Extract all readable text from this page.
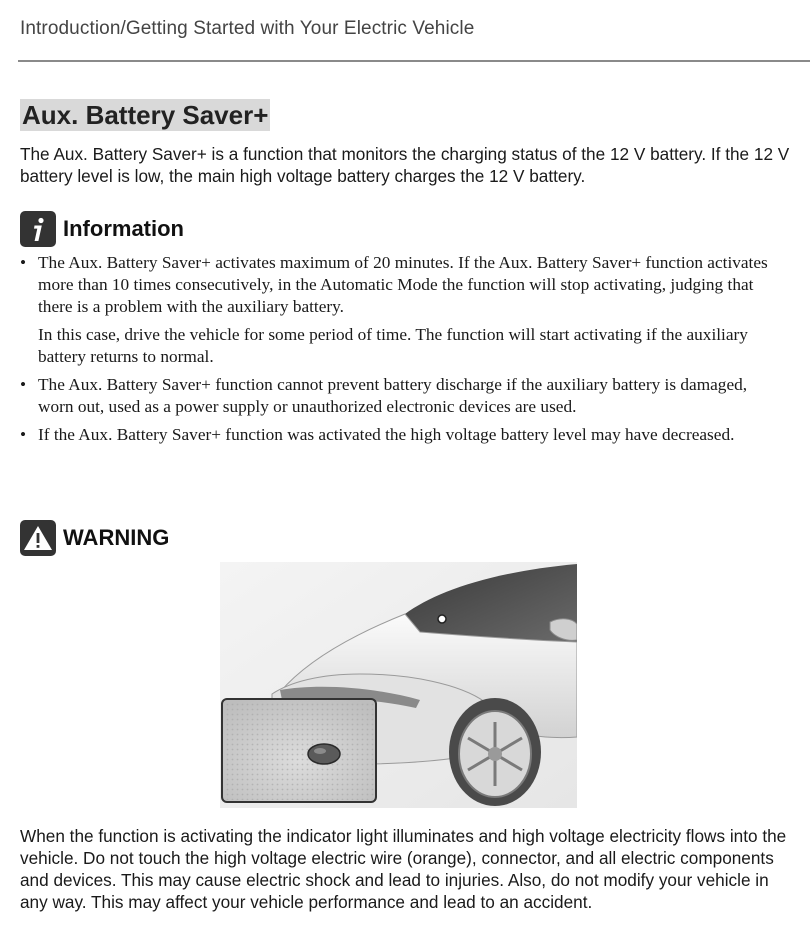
Introduction/Getting Started with Your Electric Vehicle
Aux. Battery Saver+
The Aux. Battery Saver+ is a function that monitors the charging status of the 12 V battery. If the 12 V battery level is low, the main high voltage battery charges the 12 V battery.
Information
• The Aux. Battery Saver+ activates maximum of 20 minutes. If the Aux. Battery Saver+ function activates more than 10 times consecutively, in the Automatic Mode the function will stop activating, judging that there is a problem with the auxiliary battery.

In this case, drive the vehicle for some period of time. The function will start activating if the auxiliary battery returns to normal.

• The Aux. Battery Saver+ function cannot prevent battery discharge if the auxiliary battery is damaged, worn out, used as a power supply or unauthorized electronic devices are used.

• If the Aux. Battery Saver+ function was activated the high voltage battery level may have decreased.

WARNING
When the function is activating the indicator light illuminates and high voltage electricity flows into the vehicle. Do not touch the high voltage electric wire (orange), connector, and all electric components and devices. This may cause electric shock and lead to injuries. Also, do not modify your vehicle in any way. This may affect your vehicle performance and lead to an accident.
